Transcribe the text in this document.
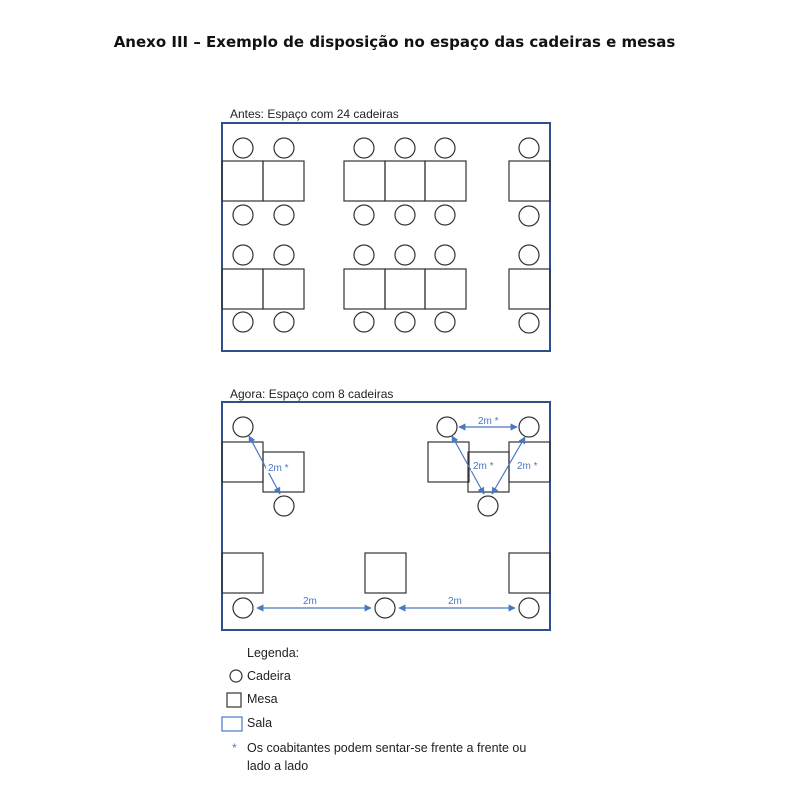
Anexo III – Exemplo de disposição no espaço das cadeiras e mesas
Antes: Espaço com 24 cadeiras
Agora: Espaço com 8 cadeiras
2m *
2m *
2m * 2m *
2m	2m
Legenda:
Cadeira
Mesa
Sala
* Os coabitantes podem sentar-se frente a frente ou lado a lado
